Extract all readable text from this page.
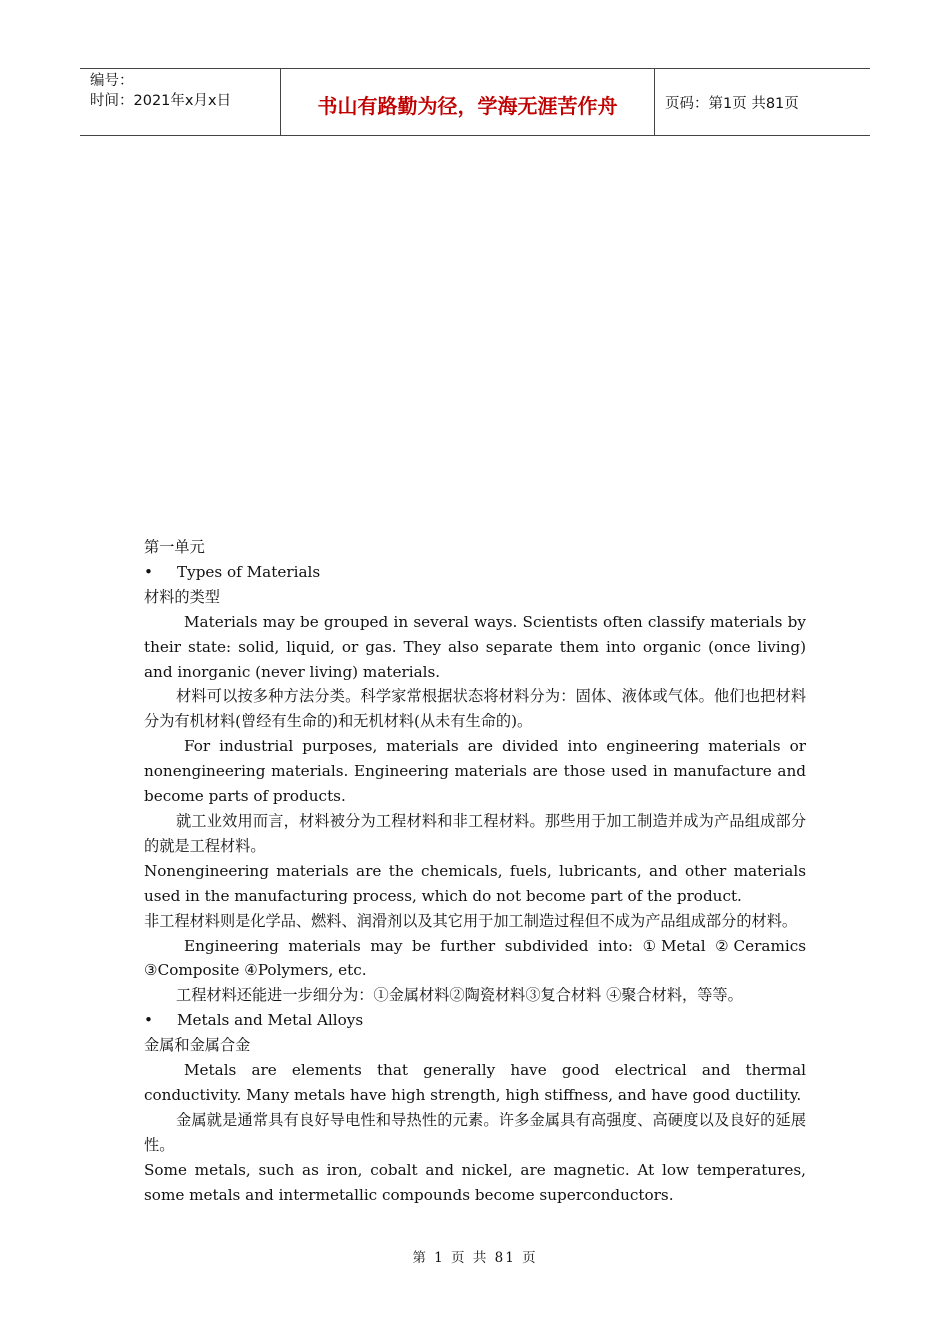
编号：
时间：2021年x月x日	书山有路勤为径，学海无涯苦作舟	页码：第1页 共81页

第一单元

•	Types of Materials

材料的类型

Materials may be grouped in several ways. Scientists often classify materials by their state: solid, liquid, or gas. They also separate them into organic (once living) and inorganic (never living) materials.

材料可以按多种方法分类。科学家常根据状态将材料分为：固体、液体或气体。他们也把材料分为有机材料(曾经有生命的)和无机材料(从未有生命的)。

For industrial purposes, materials are divided into engineering materials or nonengineering materials. Engineering materials are those used in manufacture and become parts of products.

就工业效用而言，材料被分为工程材料和非工程材料。那些用于加工制造并成为产品组成部分的就是工程材料。

Nonengineering materials are the chemicals, fuels, lubricants, and other materials used in the manufacturing process, which do not become part of the product.

非工程材料则是化学品、燃料、润滑剂以及其它用于加工制造过程但不成为产品组成部分的材料。

Engineering materials may be further subdivided into: ①Metal ②Ceramics ③Composite ④Polymers, etc.

工程材料还能进一步细分为：①金属材料②陶瓷材料③复合材料 ④聚合材料，等等。

•	Metals and Metal Alloys

金属和金属合金

Metals are elements that generally have good electrical and thermal conductivity. Many metals have high strength, high stiffness, and have good ductility.

金属就是通常具有良好导电性和导热性的元素。许多金属具有高强度、高硬度以及良好的延展性。

Some metals, such as iron, cobalt and nickel, are magnetic. At low temperatures, some metals and intermetallic compounds become superconductors.

第 1 页 共 81 页
